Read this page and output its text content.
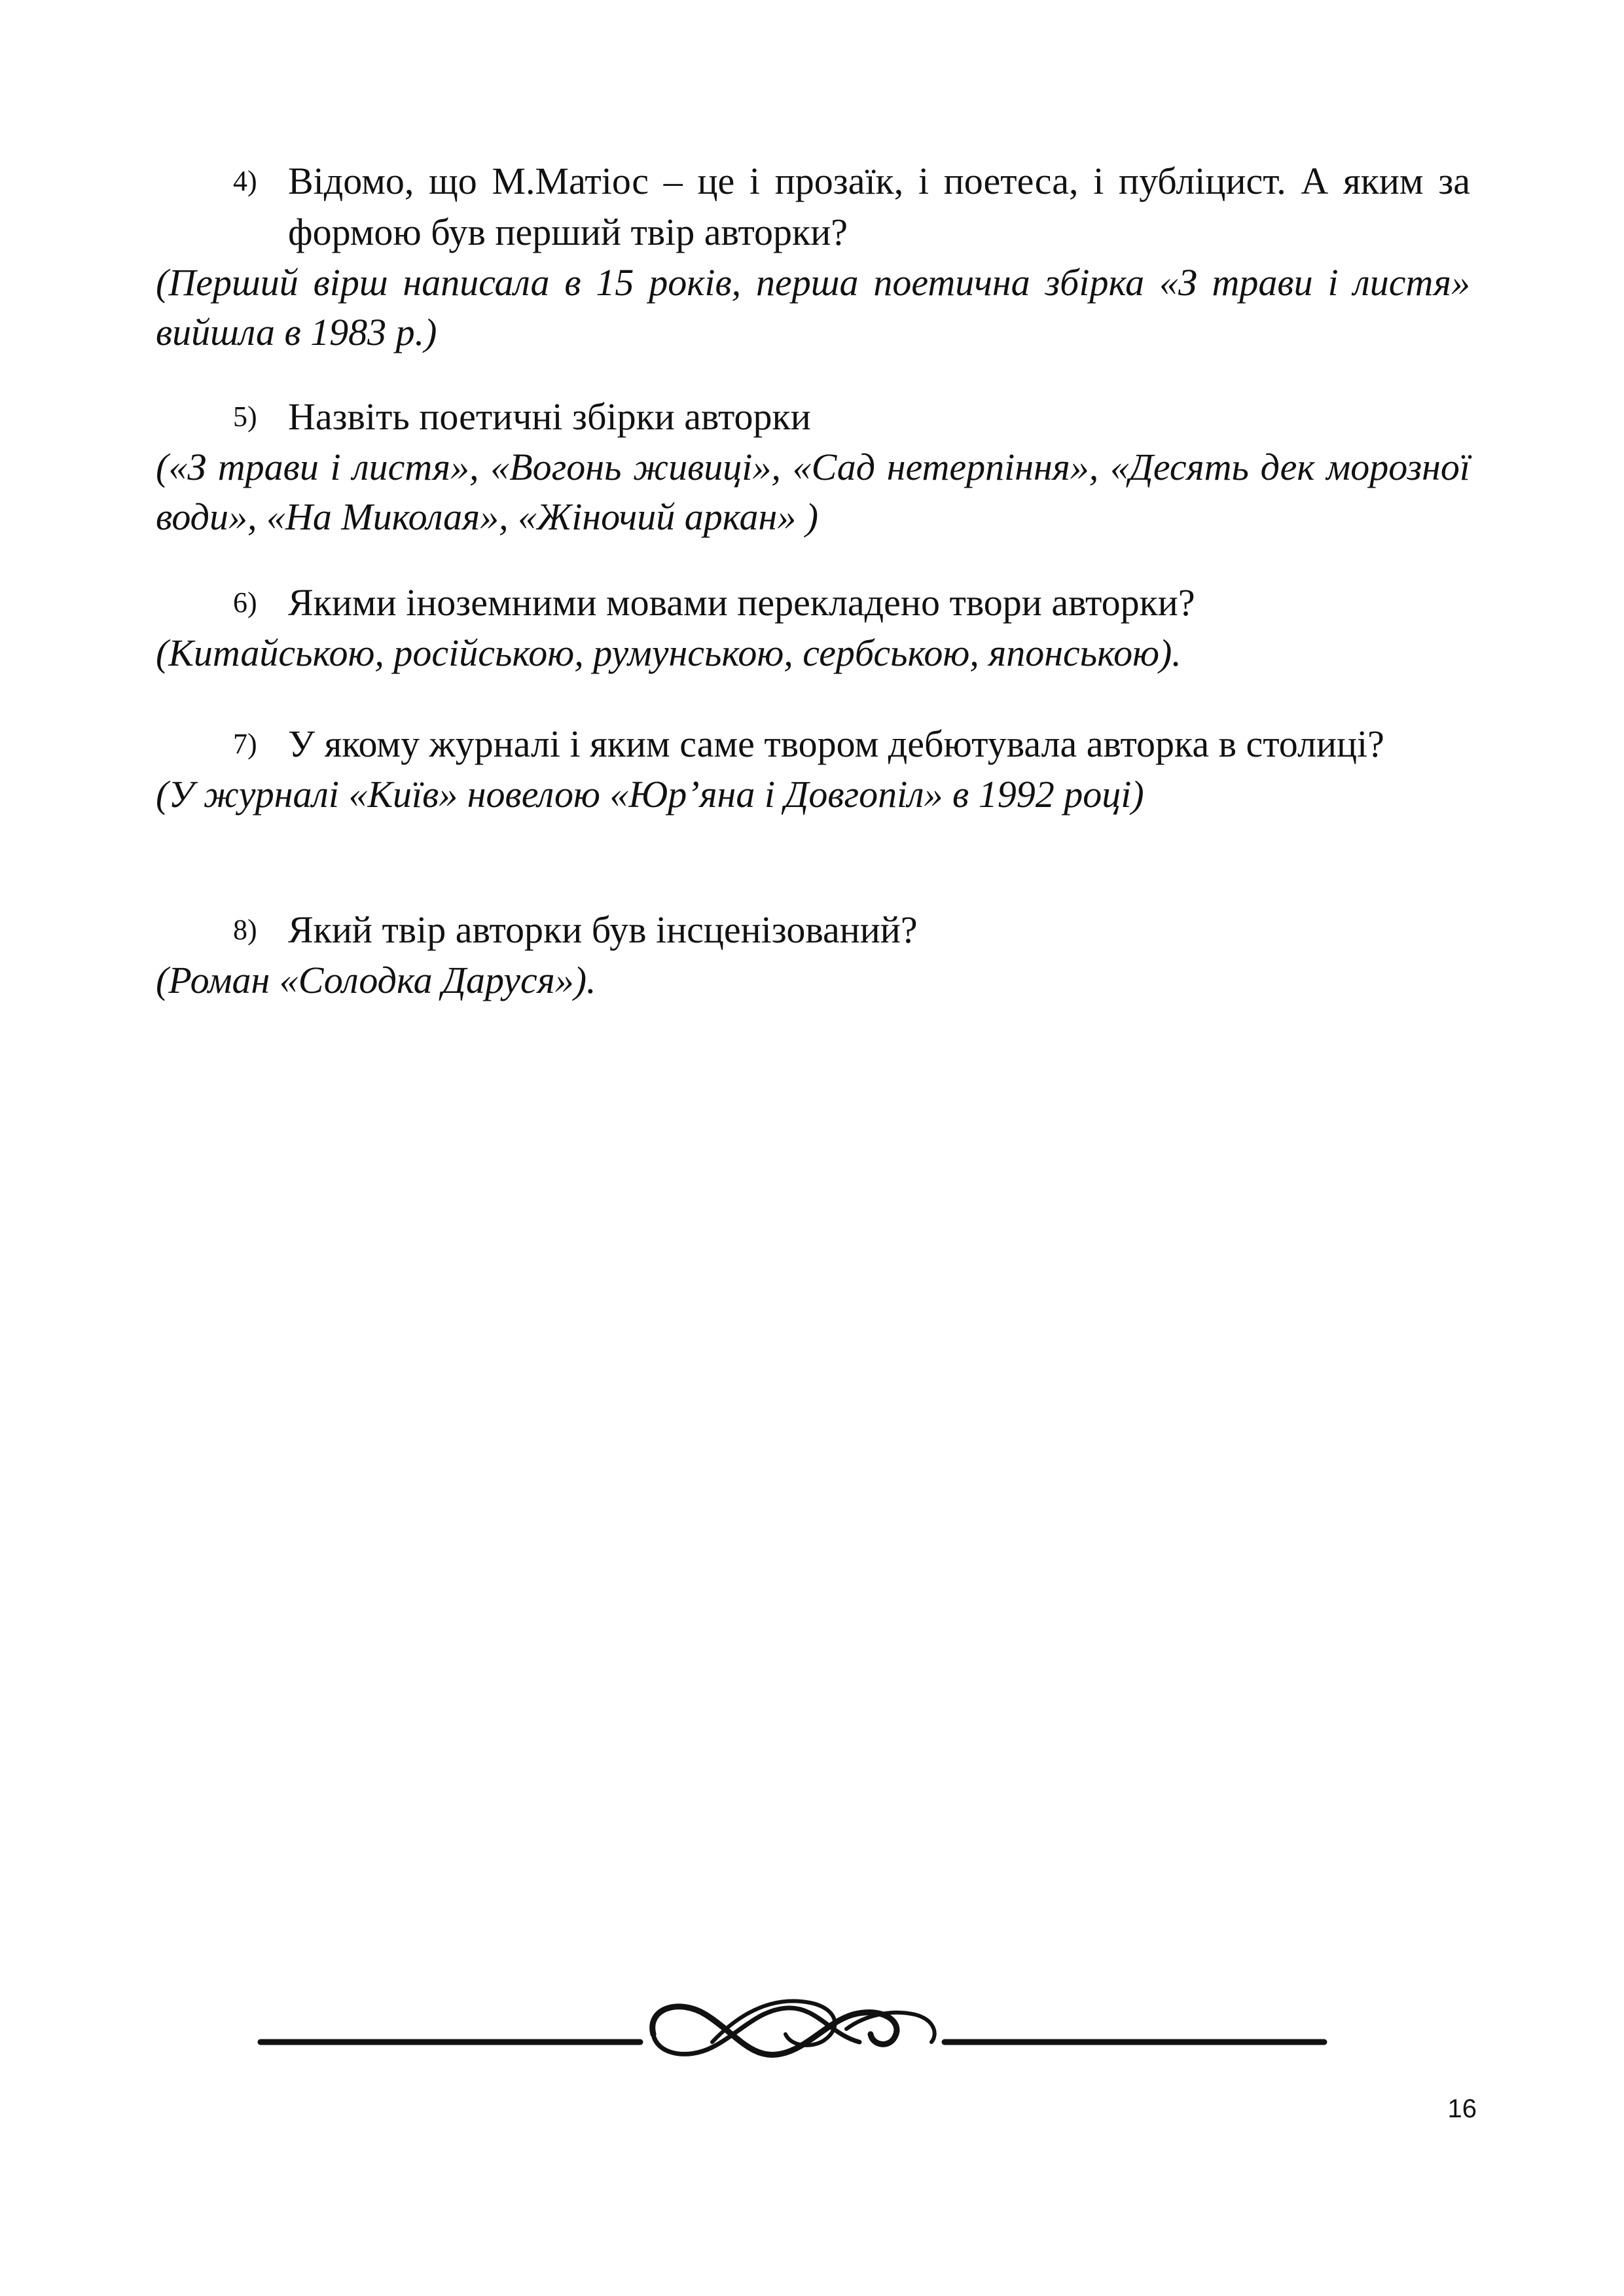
4) Відомо, що М.Матіос – це і прозаїк, і поетеса, і публіцист. А яким за формою був перший твір авторки?
(Перший вірш написала в 15 років, перша поетична збірка «З трави і листя» вийшла в 1983 р.)
5) Назвіть поетичні збірки авторки
(«З трави і листя», «Вогонь живиці», «Сад нетерпіння», «Десять дек морозної води», «На Миколая», «Жіночий аркан» )
6) Якими іноземними мовами перекладено твори авторки?
(Китайською, російською, румунською, сербською, японською).
7) У якому журналі і яким саме твором дебютувала авторка в столиці?
(У журналі «Київ» новелою «Юр’яна і Довгопіл» в 1992 році)
8) Який твір авторки був інсценізований?
(Роман «Солодка Даруся»).
16
